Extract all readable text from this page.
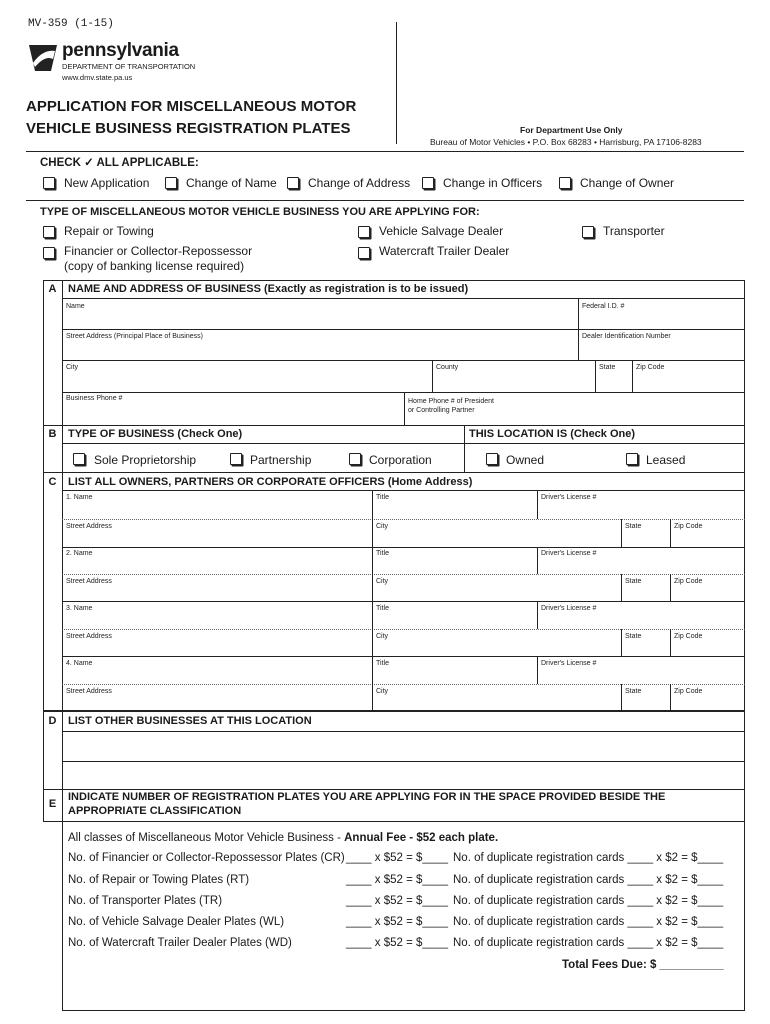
MV-359 (1-15)
pennsylvania
DEPARTMENT OF TRANSPORTATION
www.dmv.state.pa.us
APPLICATION FOR MISCELLANEOUS MOTOR
VEHICLE BUSINESS REGISTRATION PLATES	For Department Use Only
Bureau of Motor Vehicles • P.O. Box 68283 • Harrisburg, PA 17106-8283
CHECK ✓ ALL APPLICABLE:
New Application	Change of Name	Change of Address	Change in Officers	Change of Owner
TYPE OF MISCELLANEOUS MOTOR VEHICLE BUSINESS YOU ARE APPLYING FOR:
Repair or Towing	Vehicle Salvage Dealer	Transporter
Financier or Collector-Repossessor
(copy of banking license required)
Watercraft Trailer Dealer
A	NAME AND ADDRESS OF BUSINESS (Exactly as registration is to be issued)
Name	Federal I.D. #
Street Address (Principal Place of Business)	Dealer Identification Number
City	County	State	Zip Code
Business Phone #	Home Phone # of President
or Controlling Partner
B	TYPE OF BUSINESS (Check One)	THIS LOCATION IS (Check One)
Sole Proprietorship	Partnership	Corporation	Owned	Leased
C	LIST ALL OWNERS, PARTNERS OR CORPORATE OFFICERS (Home Address)
1. Name	Title	Driver's License #
Street Address	City	State	Zip Code
2. Name	Title	Driver's License #
Street Address	City	State	Zip Code
3. Name	Title	Driver's License #
Street Address	City	State	Zip Code
4. Name	Title	Driver's License #
Street Address	City	State	Zip Code
D	LIST OTHER BUSINESSES AT THIS LOCATION
E
INDICATE NUMBER OF REGISTRATION PLATES YOU ARE APPLYING FOR IN THE SPACE PROVIDED BESIDE THE
APPROPRIATE CLASSIFICATION
All classes of Miscellaneous Motor Vehicle Business - Annual Fee - $52 each plate.
No. of Financier or Collector-Repossessor Plates (CR) ____ x $52 = $____ No. of duplicate registration cards ____ x $2 = $____
No. of Repair or Towing Plates (RT)	____ x $52 = $____ No. of duplicate registration cards ____ x $2 = $____
No. of Transporter Plates (TR)	____ x $52 = $____ No. of duplicate registration cards ____ x $2 = $____
No. of Vehicle Salvage Dealer Plates (WL)	____ x $52 = $____ No. of duplicate registration cards ____ x $2 = $____
No. of Watercraft Trailer Dealer Plates (WD)	____ x $52 = $____ No. of duplicate registration cards ____ x $2 = $____
Total Fees Due: $ __________
